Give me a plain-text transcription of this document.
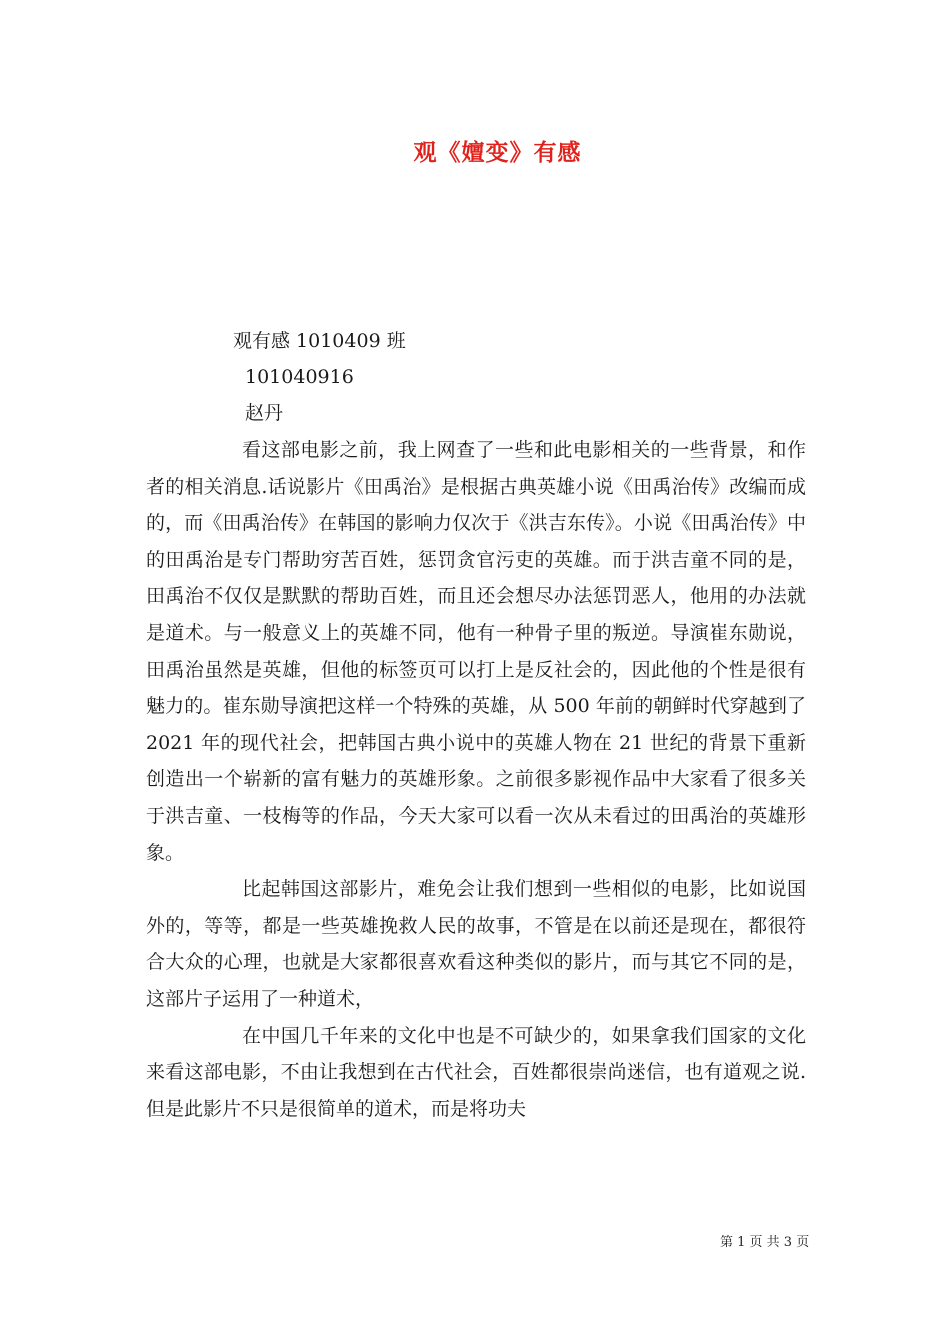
观《嬗变》有感
观有感 1010409 班
101040916
赵丹

看这部电影之前，我上网查了一些和此电影相关的一些背景，和作者的相关消息.话说影片《田禹治》是根据古典英雄小说《田禹治传》改编而成的，而《田禹治传》在韩国的影响力仅次于《洪吉东传》。小说《田禹治传》中的田禹治是专门帮助穷苦百姓，惩罚贪官污吏的英雄。而于洪吉童不同的是，田禹治不仅仅是默默的帮助百姓，而且还会想尽办法惩罚恶人，他用的办法就是道术。与一般意义上的英雄不同，他有一种骨子里的叛逆。导演崔东勋说，田禹治虽然是英雄，但他的标签页可以打上是反社会的，因此他的个性是很有魅力的。崔东勋导演把这样一个特殊的英雄，从 500 年前的朝鲜时代穿越到了 2021 年的现代社会，把韩国古典小说中的英雄人物在 21 世纪的背景下重新创造出一个崭新的富有魅力的英雄形象。之前很多影视作品中大家看了很多关于洪吉童、一枝梅等的作品，今天大家可以看一次从未看过的田禹治的英雄形象。

比起韩国这部影片，难免会让我们想到一些相似的电影，比如说国外的，等等，都是一些英雄挽救人民的故事，不管是在以前还是现在，都很符合大众的心理，也就是大家都很喜欢看这种类似的影片，而与其它不同的是，这部片子运用了一种道术，

在中国几千年来的文化中也是不可缺少的，如果拿我们国家的文化来看这部电影，不由让我想到在古代社会，百姓都很崇尚迷信，也有道观之说.但是此影片不只是很简单的道术，而是将功夫

第 1 页 共 3 页
